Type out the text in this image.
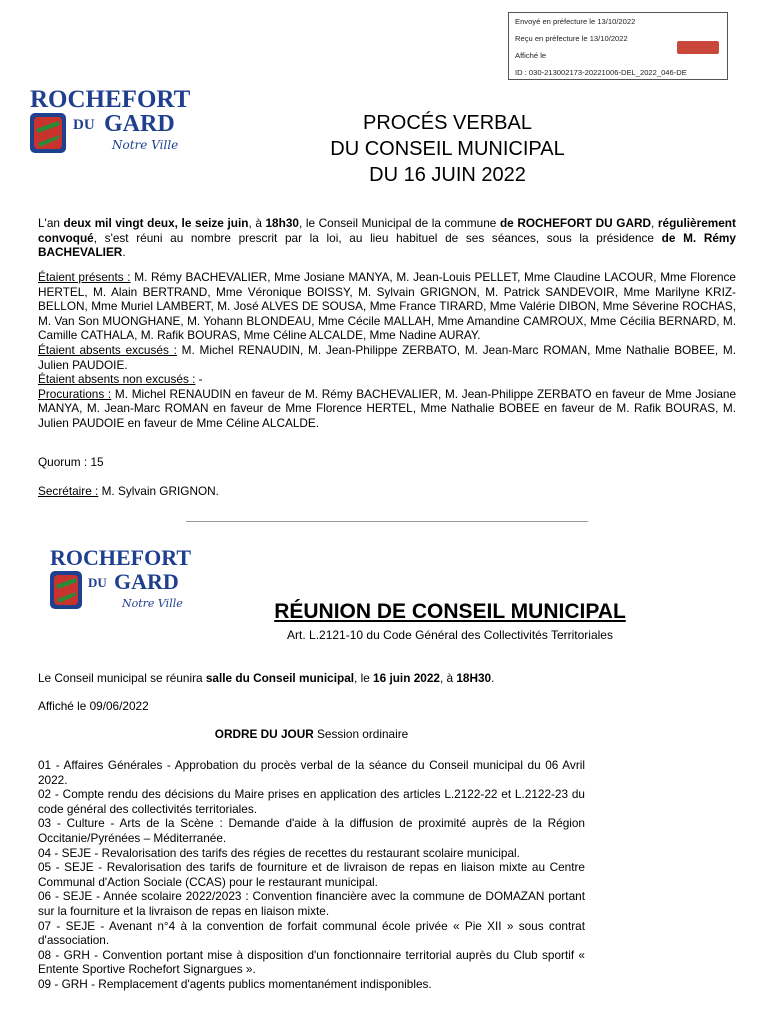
Envoyé en préfecture le 13/10/2022
Reçu en préfecture le 13/10/2022
Affiché le
ID : 030-213002173-20221006-DEL_2022_046-DE
ROCHEFORT
DU GARD
Notre Ville
PROCÉS VERBAL
DU CONSEIL MUNICIPAL
DU 16 JUIN 2022
L'an deux mil vingt deux, le seize juin, à 18h30, le Conseil Municipal de la commune de ROCHEFORT DU GARD, régulièrement convoqué, s'est réuni au nombre prescrit par la loi, au lieu habituel de ses séances, sous la présidence de M. Rémy BACHEVALIER.
Étaient présents : M. Rémy BACHEVALIER, Mme Josiane MANYA, M. Jean-Louis PELLET, Mme Claudine LACOUR, Mme Florence HERTEL, M. Alain BERTRAND, Mme Véronique BOISSY, M. Sylvain GRIGNON, M. Patrick SANDEVOIR, Mme Marilyne KRIZ-BELLON, Mme Muriel LAMBERT, M. José ALVES DE SOUSA, Mme France TIRARD, Mme Valérie DIBON, Mme Séverine ROCHAS, M. Van Son MUONGHANE, M. Yohann BLONDEAU, Mme Cécile MALLAH, Mme Amandine CAMROUX, Mme Cécilia BERNARD, M. Camille CATHALA, M. Rafik BOURAS, Mme Céline ALCALDE, Mme Nadine AURAY.
Étaient absents excusés : M. Michel RENAUDIN, M. Jean-Philippe ZERBATO, M. Jean-Marc ROMAN, Mme Nathalie BOBEE, M. Julien PAUDOIE.
Étaient absents non excusés : -
Procurations : M. Michel RENAUDIN en faveur de M. Rémy BACHEVALIER, M. Jean-Philippe ZERBATO en faveur de Mme Josiane MANYA, M. Jean-Marc ROMAN en faveur de Mme Florence HERTEL, Mme Nathalie BOBEE en faveur de M. Rafik BOURAS, M. Julien PAUDOIE en faveur de Mme Céline ALCALDE.
Quorum : 15
Secrétaire : M. Sylvain GRIGNON.
ROCHEFORT
DU GARD
Notre Ville	RÉUNION DE CONSEIL MUNICIPAL
Art. L.2121-10 du Code Général des Collectivités Territoriales
Le Conseil municipal se réunira salle du Conseil municipal, le 16 juin 2022, à 18H30.
Affiché le 09/06/2022
ORDRE DU JOUR Session ordinaire
01 - Affaires Générales - Approbation du procès verbal de la séance du Conseil municipal du 06 Avril 2022.
02 - Compte rendu des décisions du Maire prises en application des articles L.2122-22 et L.2122-23 du code général des collectivités territoriales.
03 - Culture - Arts de la Scène : Demande d'aide à la diffusion de proximité auprès de la Région Occitanie/Pyrénées – Méditerranée.
04 - SEJE - Revalorisation des tarifs des régies de recettes du restaurant scolaire municipal.
05 - SEJE - Revalorisation des tarifs de fourniture et de livraison de repas en liaison mixte au Centre Communal d'Action Sociale (CCAS) pour le restaurant municipal.
06 - SEJE - Année scolaire 2022/2023 : Convention financière avec la commune de DOMAZAN portant sur la fourniture et la livraison de repas en liaison mixte.
07 - SEJE - Avenant n°4 à la convention de forfait communal école privée « Pie XII » sous contrat d'association.
08 - GRH - Convention portant mise à disposition d'un fonctionnaire territorial auprès du Club sportif « Entente Sportive Rochefort Signargues ».
09 - GRH - Remplacement d'agents publics momentanément indisponibles.
